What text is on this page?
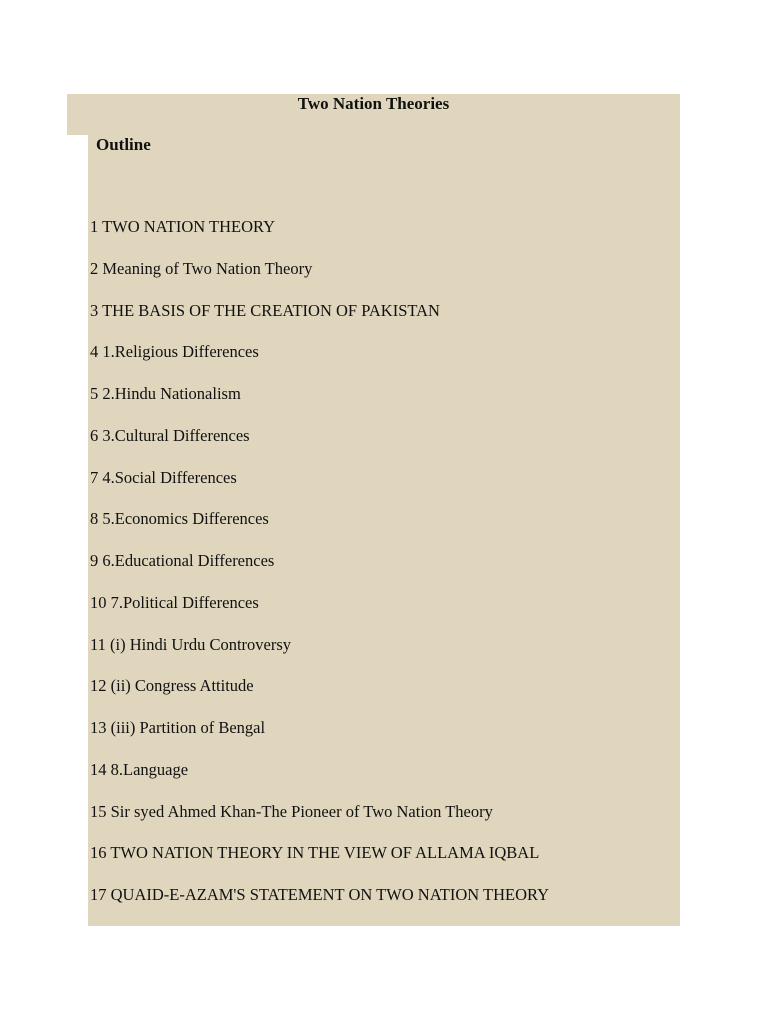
Two Nation Theories
Outline
1 TWO NATION THEORY
2 Meaning of Two Nation Theory
3 THE BASIS OF THE CREATION OF PAKISTAN
4 1.Religious Differences
5 2.Hindu Nationalism
6 3.Cultural Differences
7 4.Social Differences
8 5.Economics Differences
9 6.Educational Differences
10 7.Political Differences
11 (i) Hindi Urdu Controversy
12 (ii) Congress Attitude
13 (iii) Partition of Bengal
14 8.Language
15 Sir syed Ahmed Khan-The Pioneer of Two Nation Theory
16 TWO NATION THEORY IN THE VIEW OF ALLAMA IQBAL
17 QUAID-E-AZAM'S STATEMENT ON TWO NATION THEORY
